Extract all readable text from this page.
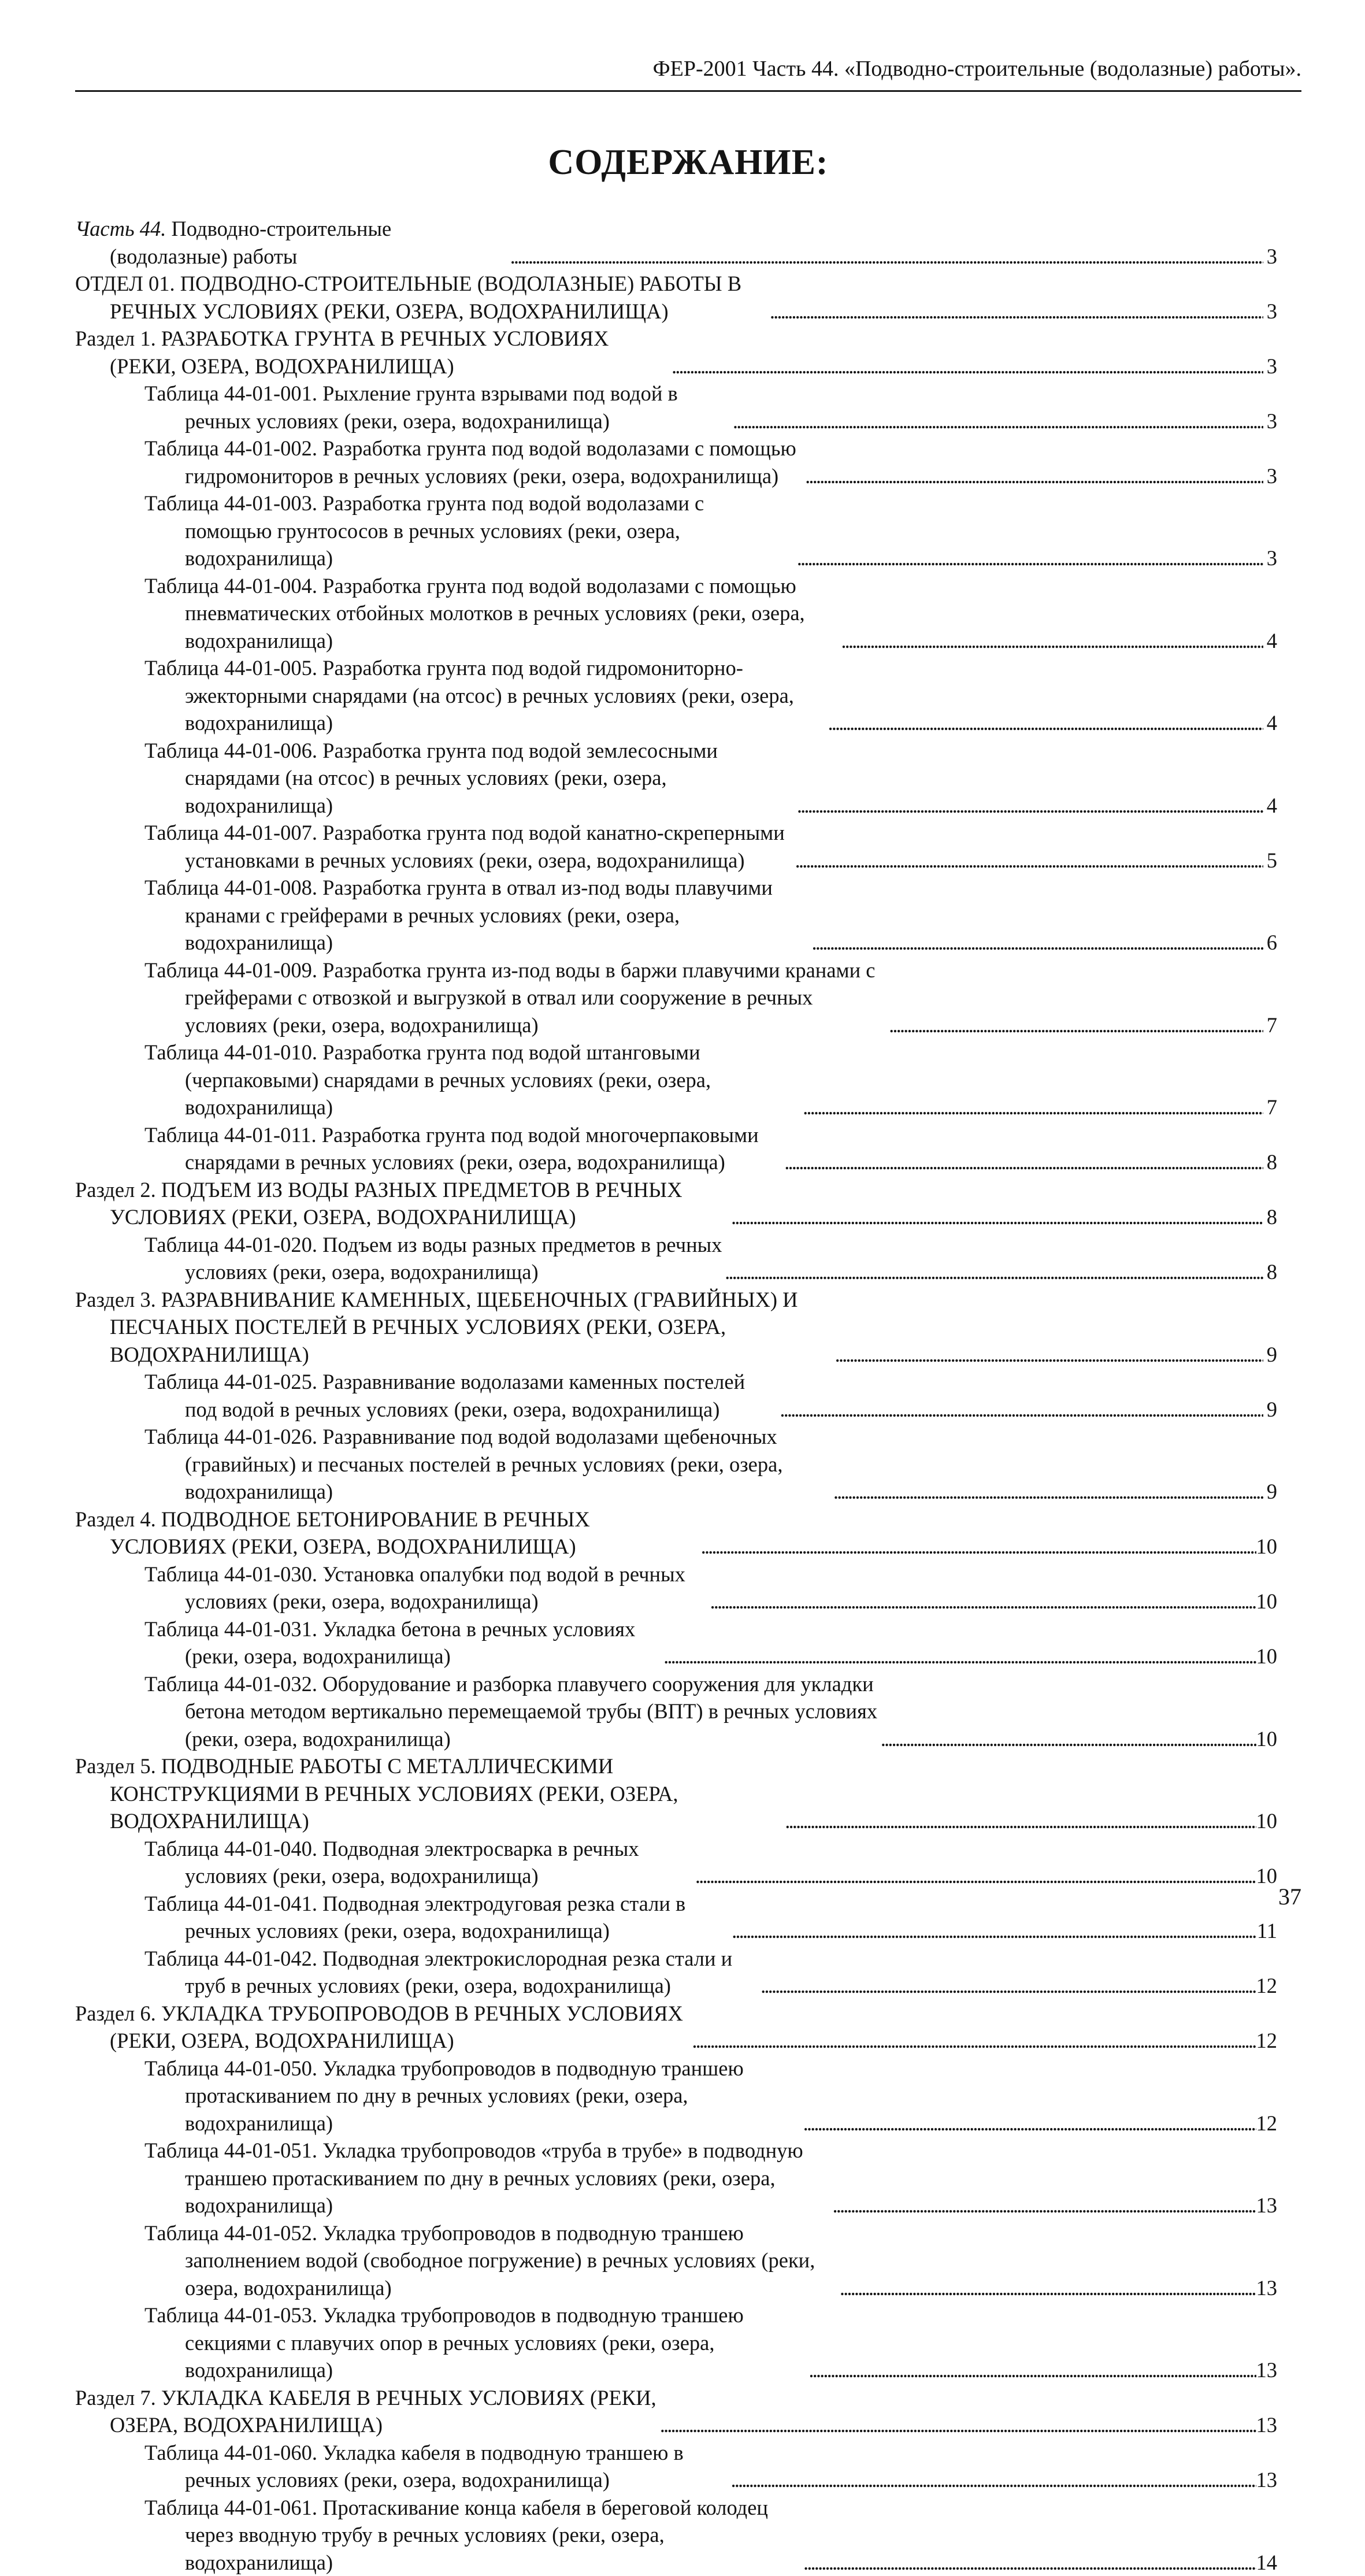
ФЕР-2001 Часть 44. «Подводно-строительные (водолазные) работы».
СОДЕРЖАНИЕ:
Часть 44. Подводно-строительные (водолазные) работы . . .	3
ОТДЕЛ 01. ПОДВОДНО-СТРОИТЕЛЬНЫЕ (ВОДОЛАЗНЫЕ) РАБОТЫ В РЕЧНЫХ УСЛОВИЯХ (РЕКИ, ОЗЕРА, ВОДОХРАНИЛИЩА) . . .	3
Раздел 1. РАЗРАБОТКА ГРУНТА В РЕЧНЫХ УСЛОВИЯХ (РЕКИ, ОЗЕРА, ВОДОХРАНИЛИЩА) . . .	3
Таблица 44-01-001. Рыхление грунта взрывами под водой в речных условиях (реки, озера, водохранилища) . . .	3
Таблица 44-01-002. Разработка грунта под водой водолазами с помощью гидромониторов в речных условиях (реки, озера, водохранилища) . . .	3
Таблица 44-01-003. Разработка грунта под водой водолазами с помощью грунтососов в речных условиях (реки, озера, водохранилища) . . .	3
Таблица 44-01-004. Разработка грунта под водой водолазами с помощью пневматических отбойных молотков в речных условиях (реки, озера, водохранилища) . . .	4
Таблица 44-01-005. Разработка грунта под водой гидромониторно-эжекторными снарядами (на отсос) в речных условиях (реки, озера, водохранилища) . . .	4
Таблица 44-01-006. Разработка грунта под водой землесосными снарядами (на отсос) в речных условиях (реки, озера, водохранилища) . . .	4
Таблица 44-01-007. Разработка грунта под водой канатно-скреперными установками в речных условиях (реки, озера, водохранилища) . . .	5
Таблица 44-01-008. Разработка грунта в отвал из-под воды плавучими кранами с грейферами в речных условиях (реки, озера, водохранилища) . . .	6
Таблица 44-01-009. Разработка грунта из-под воды в баржи плавучими кранами с грейферами с отвозкой и выгрузкой в отвал или сооружение в речных условиях (реки, озера, водохранилища) . . .	7
Таблица 44-01-010. Разработка грунта под водой штанговыми (черпаковыми) снарядами в речных условиях (реки, озера, водохранилища) . . .	7
Таблица 44-01-011. Разработка грунта под водой многочерпаковыми снарядами в речных условиях (реки, озера, водохранилища) . . .	8
Раздел 2. ПОДЪЕМ ИЗ ВОДЫ РАЗНЫХ ПРЕДМЕТОВ В РЕЧНЫХ УСЛОВИЯХ (РЕКИ, ОЗЕРА, ВОДОХРАНИЛИЩА) . . .	8
Таблица 44-01-020. Подъем из воды разных предметов в речных условиях (реки, озера, водохранилища) . . .	8
Раздел 3. РАЗРАВНИВАНИЕ КАМЕННЫХ, ЩЕБЕНОЧНЫХ (ГРАВИЙНЫХ) И ПЕСЧАНЫХ ПОСТЕЛЕЙ В РЕЧНЫХ УСЛОВИЯХ (РЕКИ, ОЗЕРА, ВОДОХРАНИЛИЩА) . . .	9
Таблица 44-01-025. Разравнивание водолазами каменных постелей под водой в речных условиях (реки, озера, водохранилища) . . .	9
Таблица 44-01-026. Разравнивание под водой водолазами щебеночных (гравийных) и песчаных постелей в речных условиях (реки, озера, водохранилища) . . .	9
Раздел 4. ПОДВОДНОЕ БЕТОНИРОВАНИЕ В РЕЧНЫХ УСЛОВИЯХ (РЕКИ, ОЗЕРА, ВОДОХРАНИЛИЩА) . . .	10
Таблица 44-01-030. Установка опалубки под водой в речных условиях (реки, озера, водохранилища) . . .	10
Таблица 44-01-031. Укладка бетона в речных условиях (реки, озера, водохранилища) . . .	10
Таблица 44-01-032. Оборудование и разборка плавучего сооружения для укладки бетона методом вертикально перемещаемой трубы (ВПТ) в речных условиях (реки, озера, водохранилища) . . .	10
Раздел 5. ПОДВОДНЫЕ РАБОТЫ С МЕТАЛЛИЧЕСКИМИ КОНСТРУКЦИЯМИ В РЕЧНЫХ УСЛОВИЯХ (РЕКИ, ОЗЕРА, ВОДОХРАНИЛИЩА) . . .	10
Таблица 44-01-040. Подводная электросварка в речных условиях (реки, озера, водохранилища) . . .	10
Таблица 44-01-041. Подводная электродуговая резка стали в речных условиях (реки, озера, водохранилища) . . .	11
Таблица 44-01-042. Подводная электрокислородная резка стали и труб в речных условиях (реки, озера, водохранилища) . . .	12
Раздел 6. УКЛАДКА ТРУБОПРОВОДОВ В РЕЧНЫХ УСЛОВИЯХ (РЕКИ, ОЗЕРА, ВОДОХРАНИЛИЩА) . . .	12
Таблица 44-01-050. Укладка трубопроводов в подводную траншею протаскиванием по дну в речных условиях (реки, озера, водохранилища) . . .	12
Таблица 44-01-051. Укладка трубопроводов «труба в трубе» в подводную траншею протаскиванием по дну в речных условиях (реки, озера, водохранилища) . . .	13
Таблица 44-01-052. Укладка трубопроводов в подводную траншею заполнением водой (свободное погружение) в речных условиях (реки, озера, водохранилища) . . .	13
Таблица 44-01-053. Укладка трубопроводов в подводную траншею секциями с плавучих опор в речных условиях (реки, озера, водохранилища) . . .	13
Раздел 7. УКЛАДКА КАБЕЛЯ В РЕЧНЫХ УСЛОВИЯХ (РЕКИ, ОЗЕРА, ВОДОХРАНИЛИЩА) . . .	13
Таблица 44-01-060. Укладка кабеля в подводную траншею в речных условиях (реки, озера, водохранилища) . . .	13
Таблица 44-01-061. Протаскивание конца кабеля в береговой колодец через вводную трубу в речных условиях (реки, озера, водохранилища) . . .	14
37
